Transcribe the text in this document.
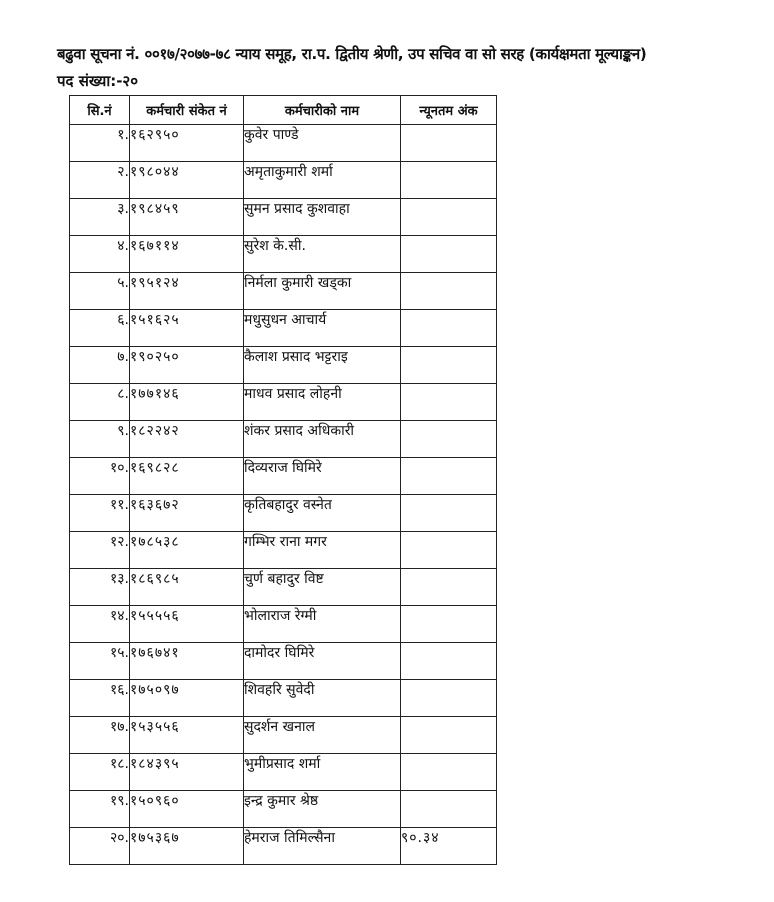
बढुवा सूचना नं. ००१७/२०७७-७८ न्याय समूह, रा.प. द्वितीय श्रेणी, उप सचिव वा सो सरह (कार्यक्षमता मूल्याङ्कन)
पद संख्या:-२०
सि.नं	कर्मचारी संकेत नं	कर्मचारीको नाम	न्यूनतम अंक
१.	१६२९५०	कुवेर पाण्डे	
२.	१९८०४४	अमृताकुमारी शर्मा	
३.	१९८४५९	सुमन प्रसाद कुशवाहा	
४.	१६७११४	सुरेश के.सी.	
५.	१९५१२४	निर्मला कुमारी खड्का	
६.	१५१६२५	मधुसुधन आचार्य	
७.	१९०२५०	कैलाश प्रसाद भट्टराइ	
८.	१७७१४६	माधव प्रसाद लोहनी	
९.	१८२२४२	शंकर प्रसाद अधिकारी	
१०.	१६९८२८	दिव्यराज घिमिरे	
११.	१६३६७२	कृतिबहादुर वस्नेत	
१२.	१७८५३८	गम्भिर राना मगर	
१३.	१८६९८५	चुर्ण बहादुर विष्ट	
१४.	१५५५५६	भोलाराज रेग्मी	
१५.	१७६७४१	दामोदर घिमिरे	
१६.	१७५०९७	शिवहरि सुवेदी	
१७.	१५३५५६	सुदर्शन खनाल	
१८.	१८४३९५	भुमीप्रसाद शर्मा	
१९.	१५०९६०	इन्द्र कुमार श्रेष्ठ	
२०.	१७५३६७	हेमराज तिमिल्सैना	९०.३४
